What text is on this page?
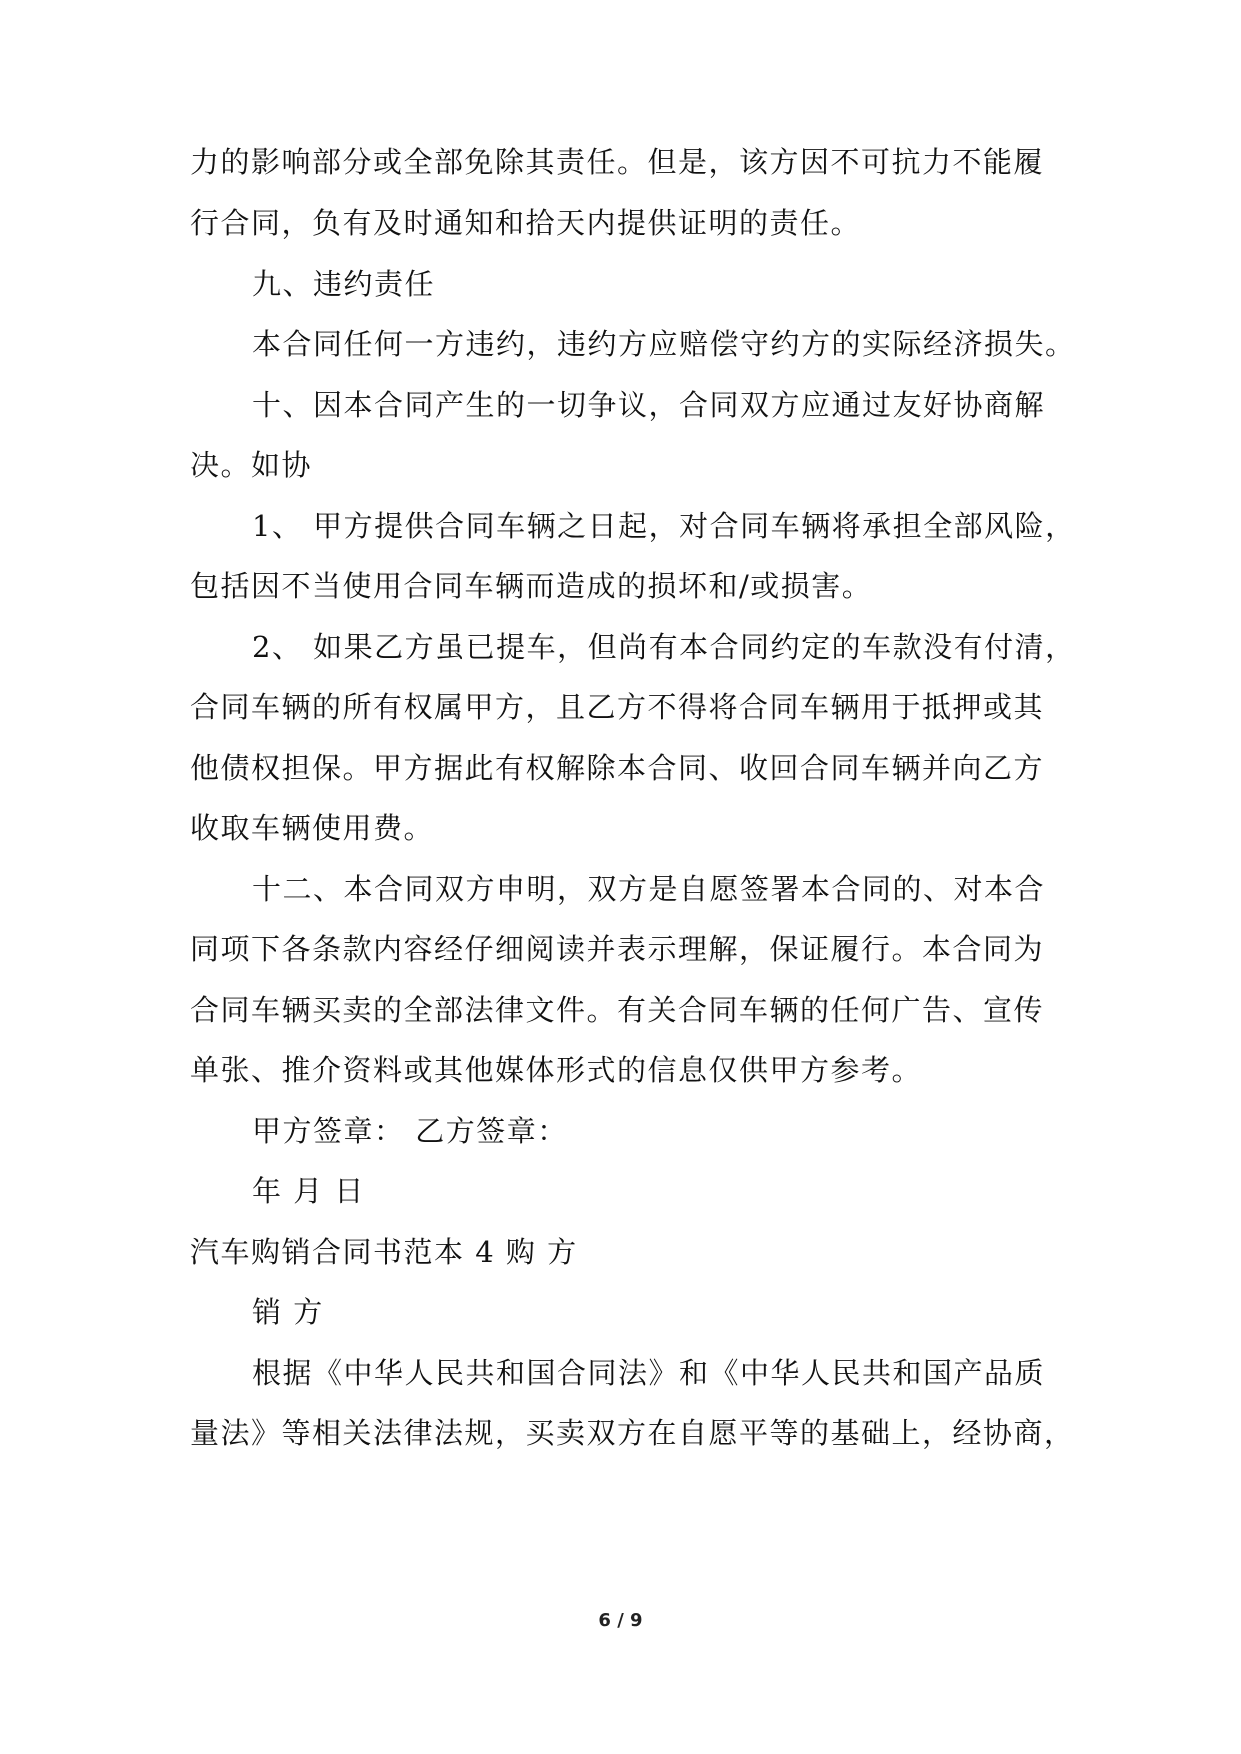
力的影响部分或全部免除其责任。但是，该方因不可抗力不能履
行合同，负有及时通知和拾天内提供证明的责任。
九、违约责任
本合同任何一方违约，违约方应赔偿守约方的实际经济损失。
十、因本合同产生的一切争议，合同双方应通过友好协商解
决。如协
1、 甲方提供合同车辆之日起，对合同车辆将承担全部风险，
包括因不当使用合同车辆而造成的损坏和/或损害。
2、 如果乙方虽已提车，但尚有本合同约定的车款没有付清，
合同车辆的所有权属甲方，且乙方不得将合同车辆用于抵押或其
他债权担保。甲方据此有权解除本合同、收回合同车辆并向乙方
收取车辆使用费。
十二、本合同双方申明，双方是自愿签署本合同的、对本合
同项下各条款内容经仔细阅读并表示理解，保证履行。本合同为
合同车辆买卖的全部法律文件。有关合同车辆的任何广告、宣传
单张、推介资料或其他媒体形式的信息仅供甲方参考。
甲方签章： 乙方签章：
年 月 日
汽车购销合同书范本 4 购 方
销 方
根据《中华人民共和国合同法》和《中华人民共和国产品质
量法》等相关法律法规，买卖双方在自愿平等的基础上，经协商，
6 / 9
